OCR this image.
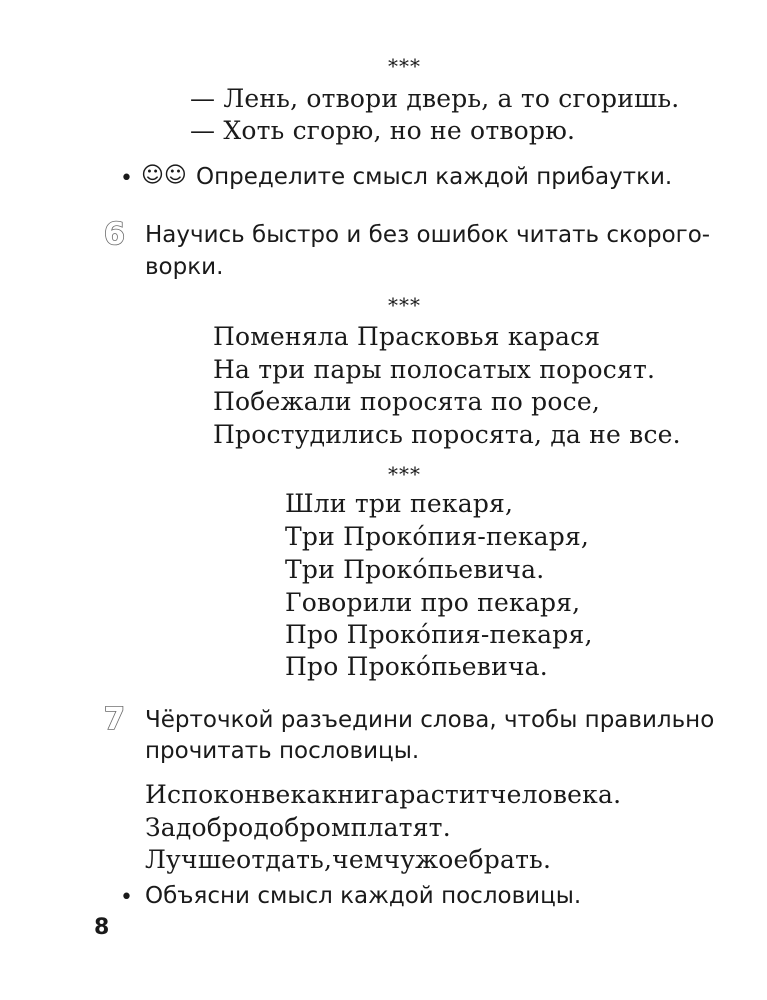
***
— Лень, отвори дверь, а то сгоришь.
— Хоть сгорю, но не отворю.
• ☺☺ Определите смысл каждой прибаутки.
6 Научись быстро и без ошибок читать скорого-
ворки.
***
Поменяла Прасковья карася
На три пары полосатых поросят.
Побежали поросята по росе,
Простудились поросята, да не все.
***
Шли три пекаря,
Три Прокóпия-пекаря,
Три Прокóпьевича.
Говорили про пекаря,
Про Прокóпия-пекаря,
Про Прокóпьевича.
7 Чёрточкой разъедини слова, чтобы правильно
прочитать пословицы.
Испоконвекакнигараститчеловека.
Задобродобромплатят.
Лучшеотдать,чемчужоебрать.
• Объясни смысл каждой пословицы.
8
